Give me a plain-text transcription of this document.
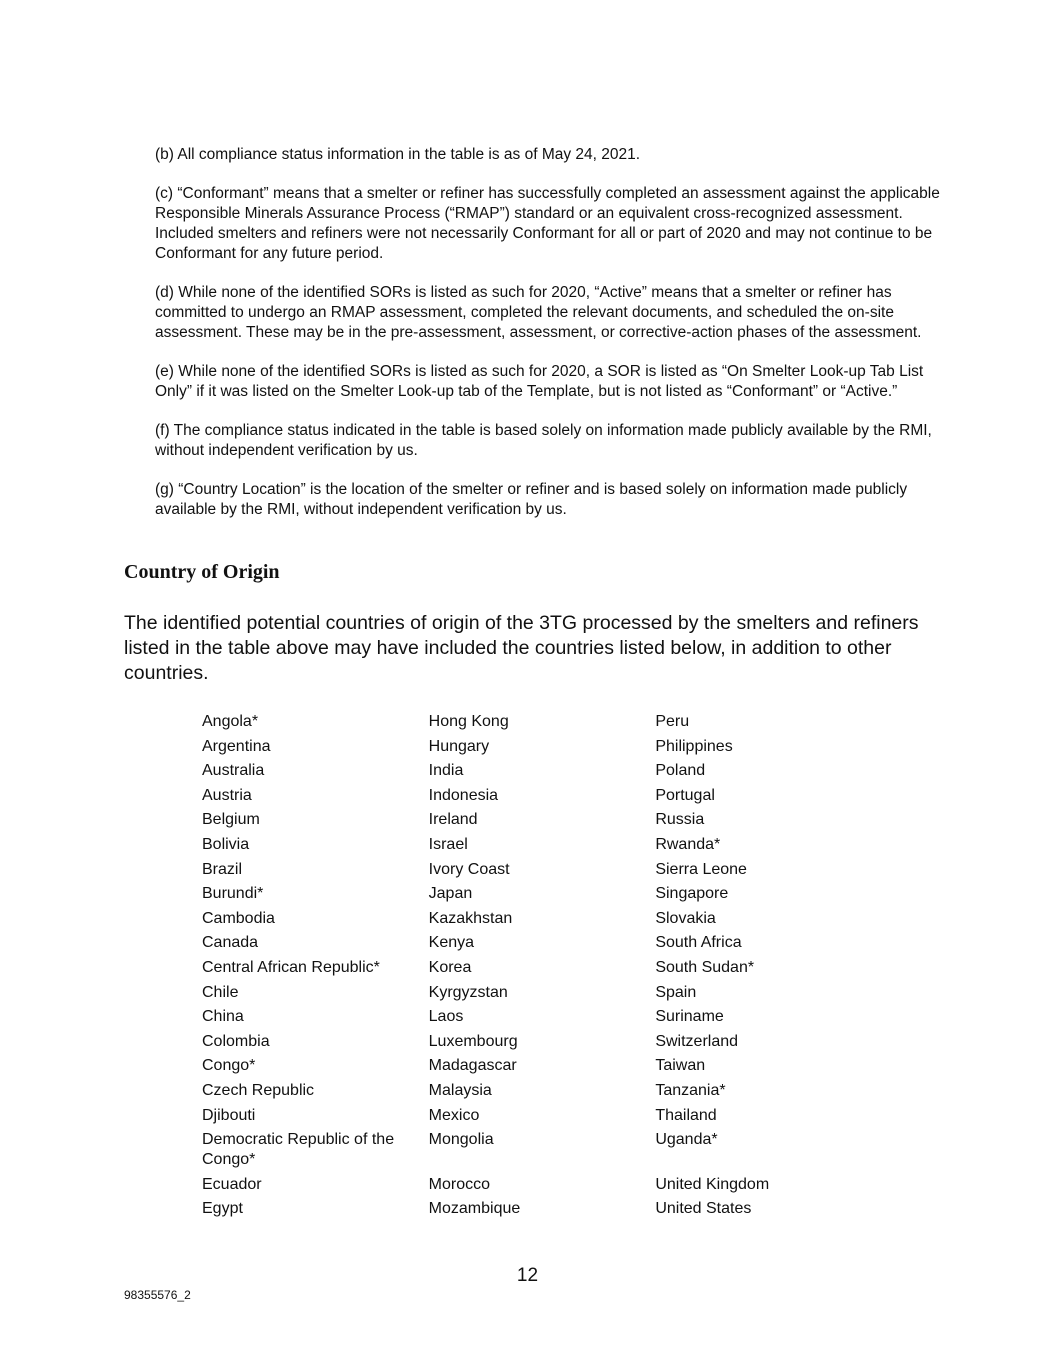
(b) All compliance status information in the table is as of May 24, 2021.

(c) “Conformant” means that a smelter or refiner has successfully completed an assessment against the applicable Responsible Minerals Assurance Process (“RMAP”) standard or an equivalent cross-recognized assessment. Included smelters and refiners were not necessarily Conformant for all or part of 2020 and may not continue to be Conformant for any future period.

(d) While none of the identified SORs is listed as such for 2020, “Active” means that a smelter or refiner has committed to undergo an RMAP assessment, completed the relevant documents, and scheduled the on-site assessment. These may be in the pre-assessment, assessment, or corrective-action phases of the assessment.

(e) While none of the identified SORs is listed as such for 2020, a SOR is listed as “On Smelter Look-up Tab List Only” if it was listed on the Smelter Look-up tab of the Template, but is not listed as “Conformant” or “Active.”

(f) The compliance status indicated in the table is based solely on information made publicly available by the RMI, without independent verification by us.

(g) “Country Location” is the location of the smelter or refiner and is based solely on information made publicly available by the RMI, without independent verification by us.

Country of Origin

The identified potential countries of origin of the 3TG processed by the smelters and refiners listed in the table above may have included the countries listed below, in addition to other countries.

Angola*	Hong Kong	Peru
Argentina	Hungary	Philippines
Australia	India	Poland
Austria	Indonesia	Portugal
Belgium	Ireland	Russia
Bolivia	Israel	Rwanda*
Brazil	Ivory Coast	Sierra Leone
Burundi*	Japan	Singapore
Cambodia	Kazakhstan	Slovakia
Canada	Kenya	South Africa
Central African Republic*	Korea	South Sudan*
Chile	Kyrgyzstan	Spain
China	Laos	Suriname
Colombia	Luxembourg	Switzerland
Congo*	Madagascar	Taiwan
Czech Republic	Malaysia	Tanzania*
Djibouti	Mexico	Thailand
Democratic Republic of the Congo*	Mongolia	Uganda*
Ecuador	Morocco	United Kingdom
Egypt	Mozambique	United States
12
98355576_2
